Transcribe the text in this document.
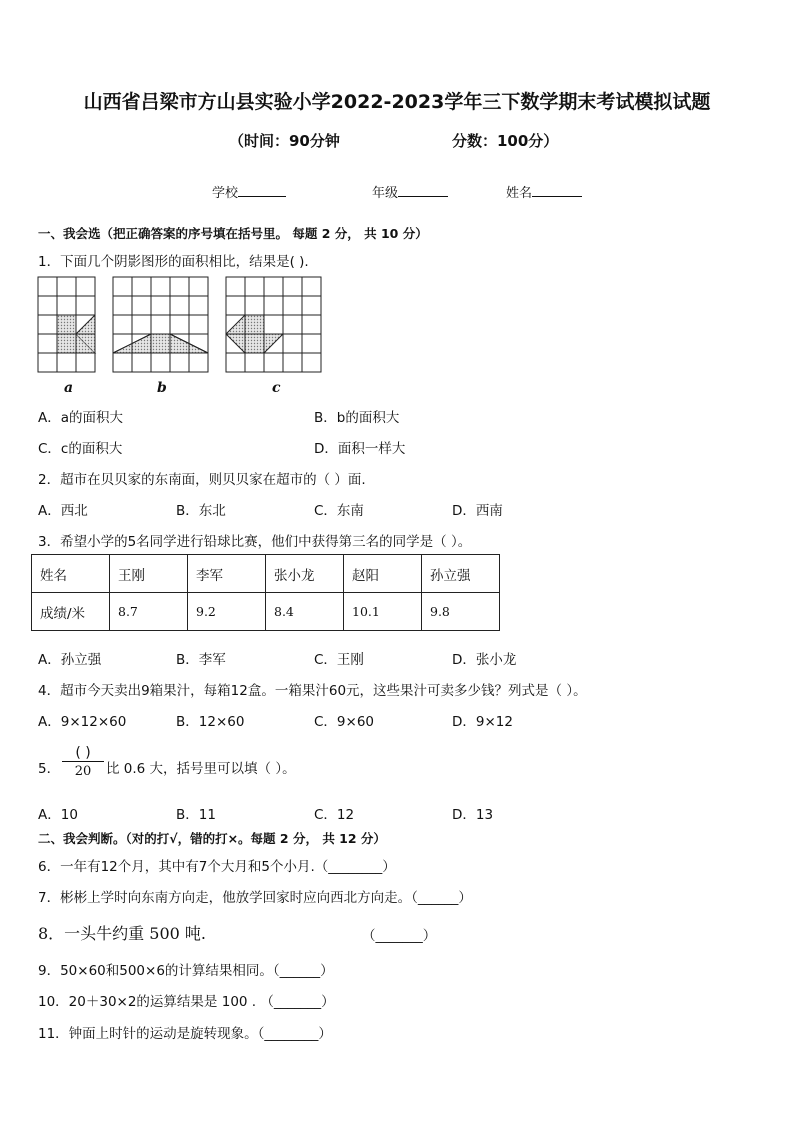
山西省吕梁市方山县实验小学2022-2023学年三下数学期末考试模拟试题
（时间：90分钟	分数：100分）
学校	年级	姓名
一、我会选（把正确答案的序号填在括号里。 每题 2 分， 共 10 分）
1．下面几个阴影图形的面积相比，结果是( ).
a	b	c
A．a的面积大	B．b的面积大
C．c的面积大	D．面积一样大
2．超市在贝贝家的东南面，则贝贝家在超市的（ ）面.
A．西北	B．东北	C．东南	D．西南
3．希望小学的5名同学进行铅球比赛，他们中获得第三名的同学是（ ）。
姓名	王刚	李军	张小龙	赵阳	孙立强
成绩/米	8.7	9.2	8.4	10.1	9.8
A．孙立强	B．李军	C．王刚	D．张小龙
4．超市今天卖出9箱果汁，每箱12盒。一箱果汁60元，这些果汁可卖多少钱？列式是（ ）。
A．9×12×60	B．12×60	C．9×60	D．9×12
5．
( )
20	比 0.6 大，括号里可以填（ ）。
A．10	B．11	C．12	D．13
二、我会判断。（对的打√，错的打×。每题 2 分， 共 12 分）
6．一年有12个月，其中有7个大月和5个小月.（________）
7．彬彬上学时向东南方向走，他放学回家时应向西北方向走。（______）
8．一头牛约重 500 吨.	（_______）
9．50×60和500×6的计算结果相同。（______）
10．20＋30×2的运算结果是 100 . （_______）
11．钟面上时针的运动是旋转现象。（________）
